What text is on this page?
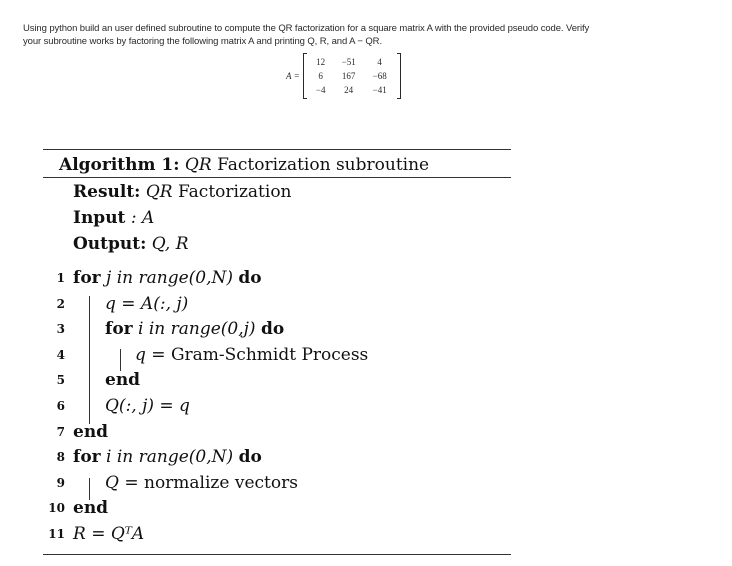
Using python build an user defined subroutine to compute the QR factorization for a square matrix A with the provided pseudo code. Verify
your subroutine works by factoring the following matrix A and printing Q, R, and A − QR.
A =
12	−51	4
6	167	−68
−4	24	−41
Algorithm 1: QR Factorization subroutine
Result: QR Factorization
Input : A
Output: Q, R
1 for j in range(0,N) do
2 q = A(:, j)
3 for i in range(0,j) do
4	q = Gram-Schmidt Process
5 end
6 Q(:, j) = q
7 end
8 for i in range(0,N) do
9 Q = normalize vectors
10 end
11 R = QᵀA
